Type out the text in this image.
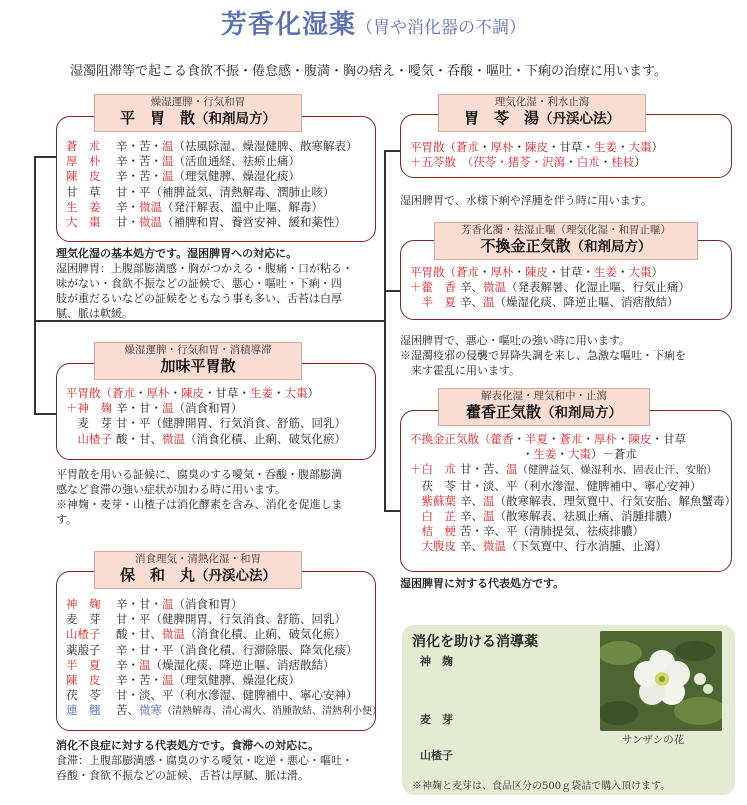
芳香化湿薬（胃や消化器の不調）
湿濁阻滞等で起こる食欲不振・倦怠感・腹満・胸の痞え・噯気・呑酸・嘔吐・下痢の治療に用います。
燥湿運脾・行気和胃
平　胃　散（和剤局方）
蒼　朮 辛・苦・温（祛風除湿、燥湿健脾、散寒解表）
厚　朴 辛・苦・温（活血通経、祛瘀止痛）
陳　皮 辛・苦・温（理気健脾、燥湿化痰）
甘　草 甘・平（補脾益気、清熱解毒、潤肺止咳）
生　姜 辛・微温（発汗解表、温中止嘔、解毒）
大　棗 甘・微温（補脾和胃、養営安神、緩和薬性）
理気化湿の基本処方です。湿困脾胃への対応に。
湿困脾胃：上腹部膨満感・胸がつかえる・腹痛・口が粘る・
味がない・食欲不振などの証候で、悪心・嘔吐・下痢・四
肢が重だるいなどの証候をともなう事も多い、舌苔は白厚
膩、脈は軟緩。
燥湿運脾・行気和胃・消積導滞
加味平胃散
平胃散（蒼朮・厚朴・陳皮・甘草・生姜・大棗）
＋神　麹 辛・甘・温（消食和胃）
　麦　芽 甘・平（健脾開胃、行気消食、舒筋、回乳）
　山楂子 酸・甘、微温（消食化積、止痢、破気化瘀）
平胃散を用いる証候に、腐臭のする噯気・呑酸・腹部膨満
感など食滞の強い症状が加わる時に用います。
※神麹・麦芽・山楂子は消化酵素を含み、消化を促進しま
す。
消食理気・清熱化湿・和胃
保　和　丸（丹渓心法）
神　麹 辛・甘・温（消食和胃）
麦　芽 甘・平（健脾開胃、行気消食、舒筋、回乳）
山楂子 酸・甘、微温（消食化積、止痢、破気化瘀）
薬菔子 辛・甘・平（消食化積、行滞除脹、降気化痰）
半　夏 辛・温（燥湿化痰、降逆止嘔、消痞散結）
陳　皮 辛・苦・温（理気健脾、燥湿化痰）
茯　苓 甘・淡、平（利水滲湿、健脾補中、寧心安神）
連　翹 苦、微寒（清熱解毒、清心瀉火、消腫散結、清熱利小便）
消化不良症に対する代表処方です。食滞への対応に。
食滞：上腹部膨満感・腐臭のする噯気・吃逆・悪心・嘔吐・
呑酸・食欲不振などの証候、舌苔は厚膩、脈は滑。
理気化湿・利水止瀉
胃　苓　湯（丹渓心法）
平胃散（蒼朮・厚朴・陳皮・甘草・生姜・大棗）
＋五苓散　（茯苓・猪苓・沢瀉・白朮・桂枝）
湿困脾胃で、水様下痢や浮腫を伴う時に用います。
芳香化濁・祛湿止嘔（理気化湿・和胃止嘔）
不換金正気散（和剤局方）
平胃散（蒼朮・厚朴・陳皮・甘草・生姜・大棗）
＋藿　香 辛、微温（発表解暑、化湿止嘔、行気止痛）
　半　夏 辛、温（燥湿化痰、降逆止嘔、消痞散結）
湿困脾胃で、悪心・嘔吐の強い時に用います。
※湿濁疫邪の侵襲で昇降失調を来し、急激な嘔吐・下痢を
　来す霍乱に用います。
解表化湿・理気和中・止瀉
藿香正気散（和剤局方）
不換金正気散（藿香・半夏・蒼朮・厚朴・陳皮・甘草
・生姜・大棗）－蒼朮
＋白　朮 甘・苦、温（健脾益気、燥湿利水、固表止汗、安胎）
　茯　苓 甘・淡、平（利水滲湿、健脾補中、寧心安神）
　紫蘇葉 辛、温（散寒解表、理気寛中、行気安胎、解魚蟹毒）
　白　芷 辛、温（散寒解表、祛風止痛、消腫排膿）
　桔　梗 苦・辛、平（清肺提気、祛痰排膿）
　大腹皮 辛、微温（下気寛中、行水消腫、止瀉）
湿困脾胃に対する代表処方です。
消化を助ける消導薬
サンザシの花
神　麹
麦　芽
山楂子
※神麹と麦芽は、食品区分の500ｇ袋詰で購入頂けます。
